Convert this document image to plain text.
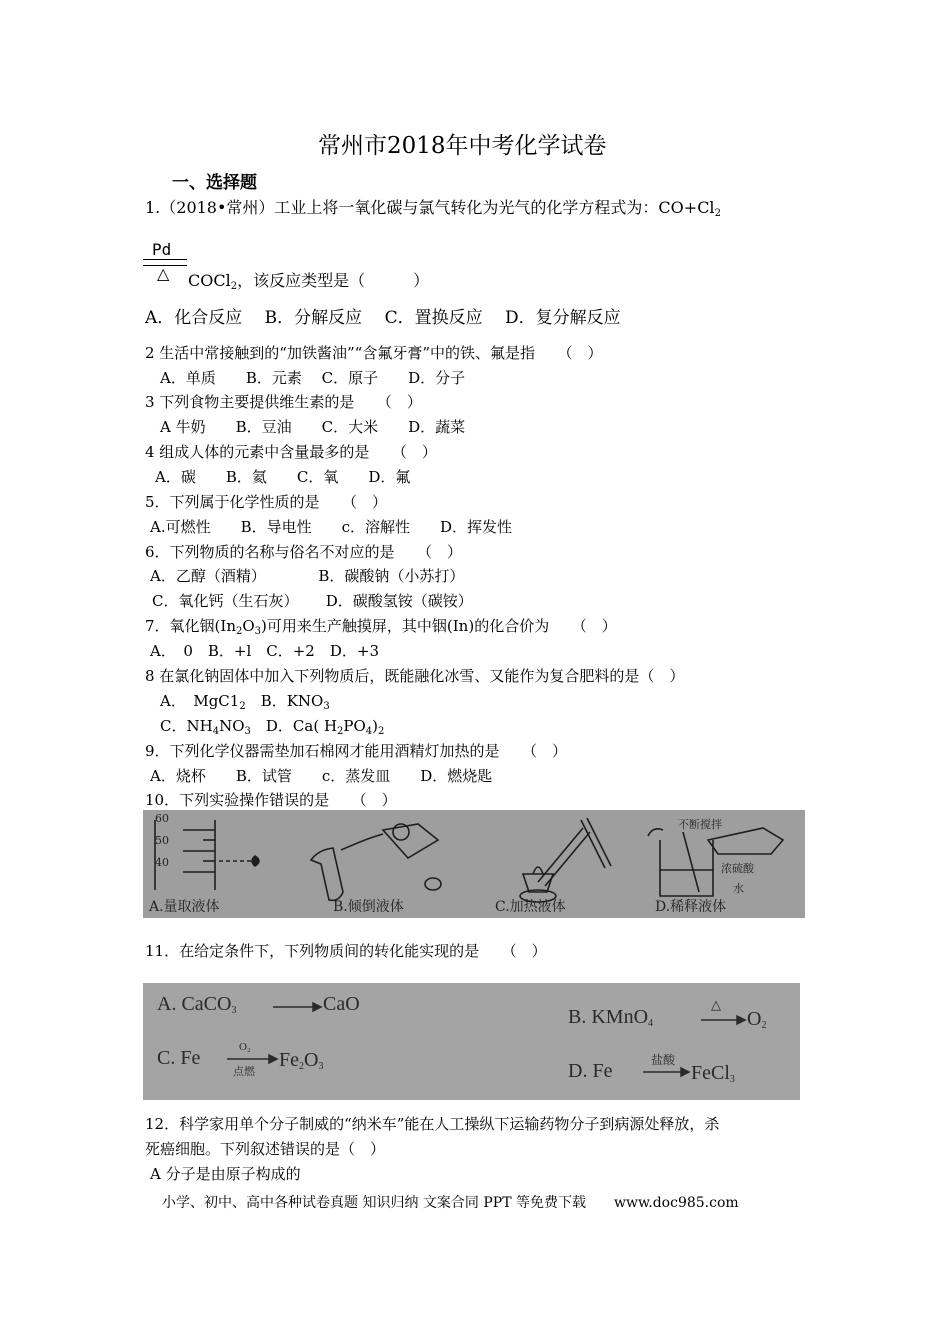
常州市2018年中考化学试卷
一、选择题
1.（2018•常州）工业上将一氧化碳与氯气转化为光气的化学方程式为：$CO+Cl_2$
Pd
△ COCl$_2$，该反应类型是（　　　）
A．化合反应　 B．分解反应　 C．置换反应　 D．复分解反应
2 生活中常接触到的“加铁酱油”“含氟牙膏”中的铁、氟是指　　（　）
A．单质　　B．元素　 C．原子　　D．分子
3 下列食物主要提供维生素的是　　（　）
A 牛奶　　B．豆油　　C．大米　　D．蔬菜
4 组成人体的元素中含量最多的是　　（　）
A．碳　　B．氦　　C．氧　　D．氟
5．下列属于化学性质的是　　（　）
A.可燃性　　B．导电性　　c．溶解性　　D．挥发性
6．下列物质的名称与俗名不对应的是　　（　）
A．乙醇（酒精）　　　　B．碳酸钠（小苏打）
C．氧化钙（生石灰）　　 D．碳酸氢铵（碳铵）
7．氧化铟$(In_2O_3)$可用来生产触摸屏，其中铟(In)的化合价为　　（　）
A．　0　B．+l　C．+2　D．+3
8 在氯化钠固体中加入下列物质后，既能融化冰雪、又能作为复合肥料的是（　）
A．　$MgC1_2$　B．$KNO_3$
C．$NH_4NO_3$　D．Ca( $H_2PO_4)_2$
9．下列化学仪器需垫加石棉网才能用酒精灯加热的是　　（　）
A．烧杯　　B．试管　　c．蒸发皿　　D．燃烧匙
10．下列实验操作错误的是　　（　）
60
50
40
不断搅拌
浓硫酸
水
A.量取液体	B.倾倒液体	C.加热液体	D.稀释液体
11．在给定条件下，下列物质间的转化能实现的是　　（　）
A. CaCO$_3$	CaO
B. KMnO$_4$
△
$O_2$
C. Fe	O₂
点燃
$Fe_2O_3$	D. Fe	盐酸
FeCl$_3$
12．科学家用单个分子制威的“纳米车”能在人工操纵下运输药物分子到病源处释放，杀
死癌细胞。下列叙述错误的是（　）
A 分子是由原子构成的
小学、初中、高中各种试卷真题 知识归纳 文案合同 PPT 等免费下载　　www.doc985.com
